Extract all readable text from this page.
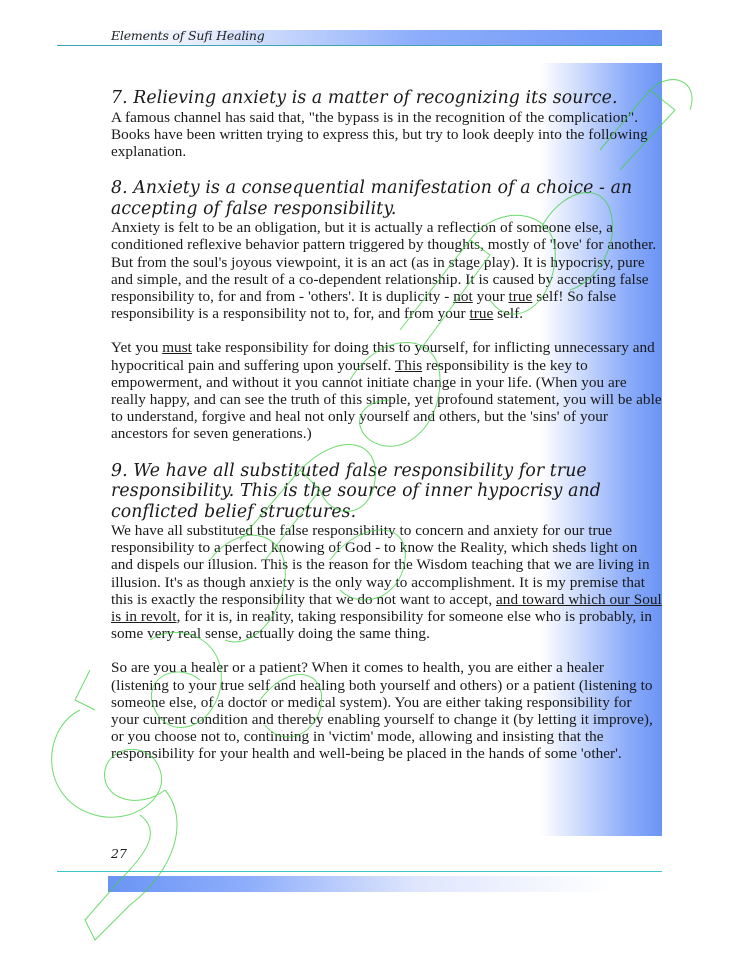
Elements of Sufi Healing
7. Relieving anxiety is a matter of recognizing its source.

A famous channel has said that, "the bypass is in the recognition of the complication". Books have been written trying to express this, but try to look deeply into the following explanation.

8. Anxiety is a consequential manifestation of a choice - an accepting of false responsibility.

Anxiety is felt to be an obligation, but it is actually a reflection of someone else, a conditioned reflexive behavior pattern triggered by thoughts, mostly of 'love' for another. But from the soul's joyous viewpoint, it is an act (as in stage play). It is hypocrisy, pure and simple, and the result of a co-dependent relationship. It is caused by accepting false responsibility to, for and from - 'others'. It is duplicity - not your true self! So false responsibility is a responsibility not to, for, and from your true self.

Yet you must take responsibility for doing this to yourself, for inflicting unnecessary and hypocritical pain and suffering upon yourself. This responsibility is the key to empowerment, and without it you cannot initiate change in your life. (When you are really happy, and can see the truth of this simple, yet profound statement, you will be able to understand, forgive and heal not only yourself and others, but the 'sins' of your ancestors for seven generations.)

9. We have all substituted false responsibility for true responsibility. This is the source of inner hypocrisy and conflicted belief structures.

We have all substituted the false responsibility to concern and anxiety for our true responsibility to a perfect knowing of God - to know the Reality, which sheds light on and dispels our illusion. This is the reason for the Wisdom teaching that we are living in illusion. It's as though anxiety is the only way to accomplishment. It is my premise that this is exactly the responsibility that we do not want to accept, and toward which our Soul is in revolt, for it is, in reality, taking responsibility for someone else who is probably, in some very real sense, actually doing the same thing.

So are you a healer or a patient? When it comes to health, you are either a healer (listening to your true self and healing both yourself and others) or a patient (listening to someone else, of a doctor or medical system). You are either taking responsibility for your current condition and thereby enabling yourself to change it (by letting it improve), or you choose not to, continuing in 'victim' mode, allowing and insisting that the responsibility for your health and well-being be placed in the hands of some 'other'.

27
